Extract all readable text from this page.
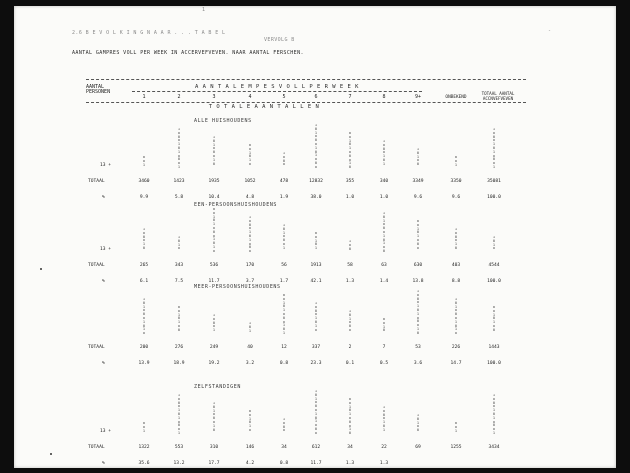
1
2.6 B E V O L K I N G N A A R . . . T A B E L
VERVOLG B
AANTAL GAMPRES VOLL PER WEEK IN ACCERVEFVEVEN. NAAR AANTAL FERSCHEN.
-
AANTAL
PERSONEN
A A N T A L E M P E S V O L L P E R W E E K
1	2	3	4	5	6	7	8	9+	ONBEKEND
TOTAAL AANTAL ACCNVEFVEVEN
T O T A L E A A N T A L L E N
ALLE HUISHOUDENS
0
o
1

1
o
0
o
1
0
1
o
0
o
1

1
0
1
o
0
o
1
0

0
o
1
0
1
o

1
o
0
o

1
0
1
o
0
o
1
0
1
o
0
o

0
o
1
0
1
o
0
o
1
0

1
o
0
o
1
0
1

1
0
1
o
0

0
o
1

1
o
0
o
1
0
1
o
0
o
1

13 +
TOTAAL	3460	1423	1935	1052	478	12832	355	340	3349	3350	35081
%	9.9	5.8	10.4	4.8	1.9	38.0	1.0	1.0	9.6	9.6	100.0
EEN-PERSOONSHUISHOUDENS
1
o
0
o
1
0

1
0
1
o

0
o
1
0
1
o
0
o
1
0
1
o

1
o
0
o
1
0
1
o
0
o

1
0
1
o
0
o
1

0
o
1
0
1

1
o
0

1
0
1
o
0
o
1
0
1
o
0

0
o
1
0
1
o
0
o

1
o
0
o
1
0

1
0
1
o

13 +
TOTAAL	265	343	536	170	56	1913	58	63	630	403	4544
%	6.1	7.5	11.7	3.7	1.7	42.1	1.3	1.4	13.8	8.8	100.0
MEER-PERSOONSHUISHOUDENS
1
0
1
o
0
o
1
0
1
o

0
o
1
0
1
o
0

1
o
0
o
1

1
0
1

0
o
1
0
1
o
0
o
1
0
1

1
o
0
o
1
0
1
o

1
0
1
o
0
o

0
o
1
0

1
o
0
o
1
0
1
o
0
o
1
0

1
0
1
o
0
o
1
0
1
o

0
o
1
0
1
o
0

TOTAAL	200	276	249	40	12	337	2	7	53	226	1443
%	13.9	18.9	19.2	3.2	0.8	23.3	0.1	0.5	3.6	14.7	100.0
ZELFSTANDIGEN
0
o
1

1
o
0
o
1
0
1
o
0
o
1

1
0
1
o
0
o
1
0

0
o
1
0
1
o

1
o
0
o

1
0
1
o
0
o
1
0
1
o
0
o

0
o
1
0
1
o
0
o
1
0

1
o
0
o
1
0
1

1
0
1
o
0

0
o
1

1
o
0
o
1
0
1
o
0
o
1

13 +
TOTAAL	1322	553	310	146	34	612	34	22	69	1255	3434
%	35.6	13.2	17.7	4.2	0.8	11.7	1.3	1.3
